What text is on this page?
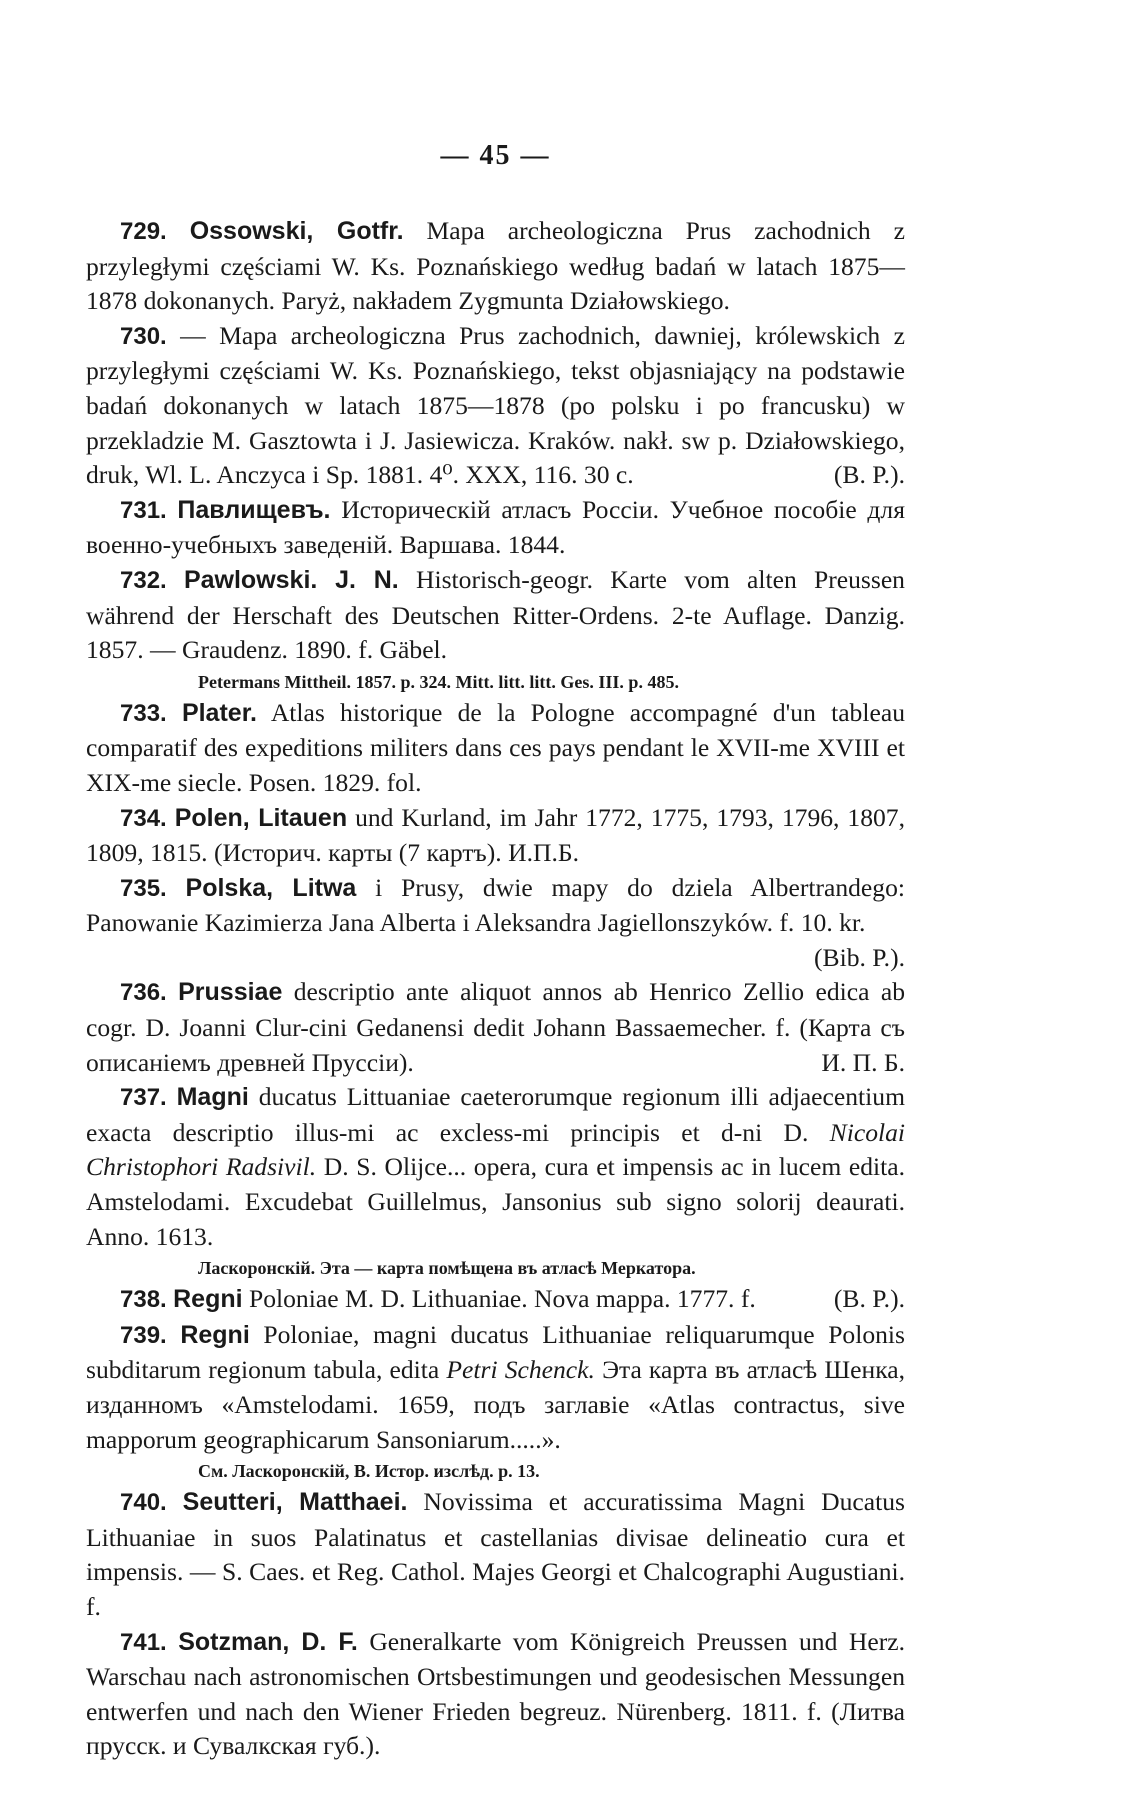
— 45 —

729. Ossowski, Gotfr. Mapa archeologiczna Prus zachodnich z przyległymi częściami W. Ks. Poznańskiego według badań w latach 1875—1878 dokonanych. Paryż, nakładem Zygmunta Działowskiego.

730. — Mapa archeologiczna Prus zachodnich, dawniej, królewskich z przyległymi częściami W. Ks. Poznańskiego, tekst objasniający na podstawie badań dokonanych w latach 1875—1878 (po polsku i po francusku) w przekladzie M. Gasztowta i J. Jasiewicza. Kraków. nakł. sw p. Działowskiego, druk, Wl. L. Anczyca i Sp. 1881. 4⁰. XXX, 116. 30 c.	(B. P.).

731. Павлищевъ. Историческій атласъ Россіи. Учебное пособіе для военно-учебныхъ заведеній. Варшава. 1844.

732. Pawlowski. J. N. Historisch-geogr. Karte vom alten Preussen während der Herschaft des Deutschen Ritter-Ordens. 2-te Auflage. Danzig. 1857. — Graudenz. 1890. f. Gäbel.

Petermans Mittheil. 1857. p. 324. Mitt. litt. litt. Ges. III. p. 485.

733. Plater. Atlas historique de la Pologne accompagné d'un tableau comparatif des expeditions militers dans ces pays pendant le XVII-me XVIII et XIX-me siecle. Posen. 1829. fol.

734. Polen, Litauen und Kurland, im Jahr 1772, 1775, 1793, 1796, 1807, 1809, 1815. (Историч. карты (7 картъ). И.П.Б.

735. Polska, Litwa i Prusy, dwie mapy do dziela Albertrandego: Panowanie Kazimierza Jana Alberta i Aleksandra Jagiellonszyków. f. 10. kr.
(Bib. P.).

736. Prussiae descriptio ante aliquot annos ab Henrico Zellio edica ab cogr. D. Joanni Clur-cini Gedanensi dedit Johann Bassaemecher. f. (Карта съ описаніемъ древней Пруссіи).	И. П. Б.

737. Magni ducatus Littuaniae caeterorumque regionum illi adjaecentium exacta descriptio illus-mi ac excless-mi principis et d-ni D. Nicolai Christophori Radsivil. D. S. Olijce... opera, cura et impensis ac in lucem edita. Amstelodami. Excudebat Guillelmus, Jansonius sub signo solorij deaurati. Anno. 1613.

Ласкоронскій. Эта — карта помѣщена въ атласѣ Меркатора.

738. Regni Poloniae M. D. Lithuaniae. Nova mappa. 1777. f.	(B. P.).

739. Regni Poloniae, magni ducatus Lithuaniae reliquarumque Polonis subditarum regionum tabula, edita Petri Schenck. Эта карта въ атласѣ Шенка, изданномъ «Amstelodami. 1659, подъ заглавіе «Atlas contractus, sive mapporum geographicarum Sansoniarum.....».

См. Ласкоронскій, В. Истор. изслѣд. р. 13.

740. Seutteri, Matthaei. Novissima et accuratissima Magni Ducatus Lithuaniae in suos Palatinatus et castellanias divisae delineatio cura et impensis. — S. Caes. et Reg. Cathol. Majes Georgi et Chalcographi Augustiani. f.

741. Sotzman, D. F. Generalkarte vom Königreich Preussen und Herz. Warschau nach astronomischen Ortsbestimungen und geodesischen Messungen entwerfen und nach den Wiener Frieden begreuz. Nürenberg. 1811. f. (Литва прусск. и Сувалкская губ.).
